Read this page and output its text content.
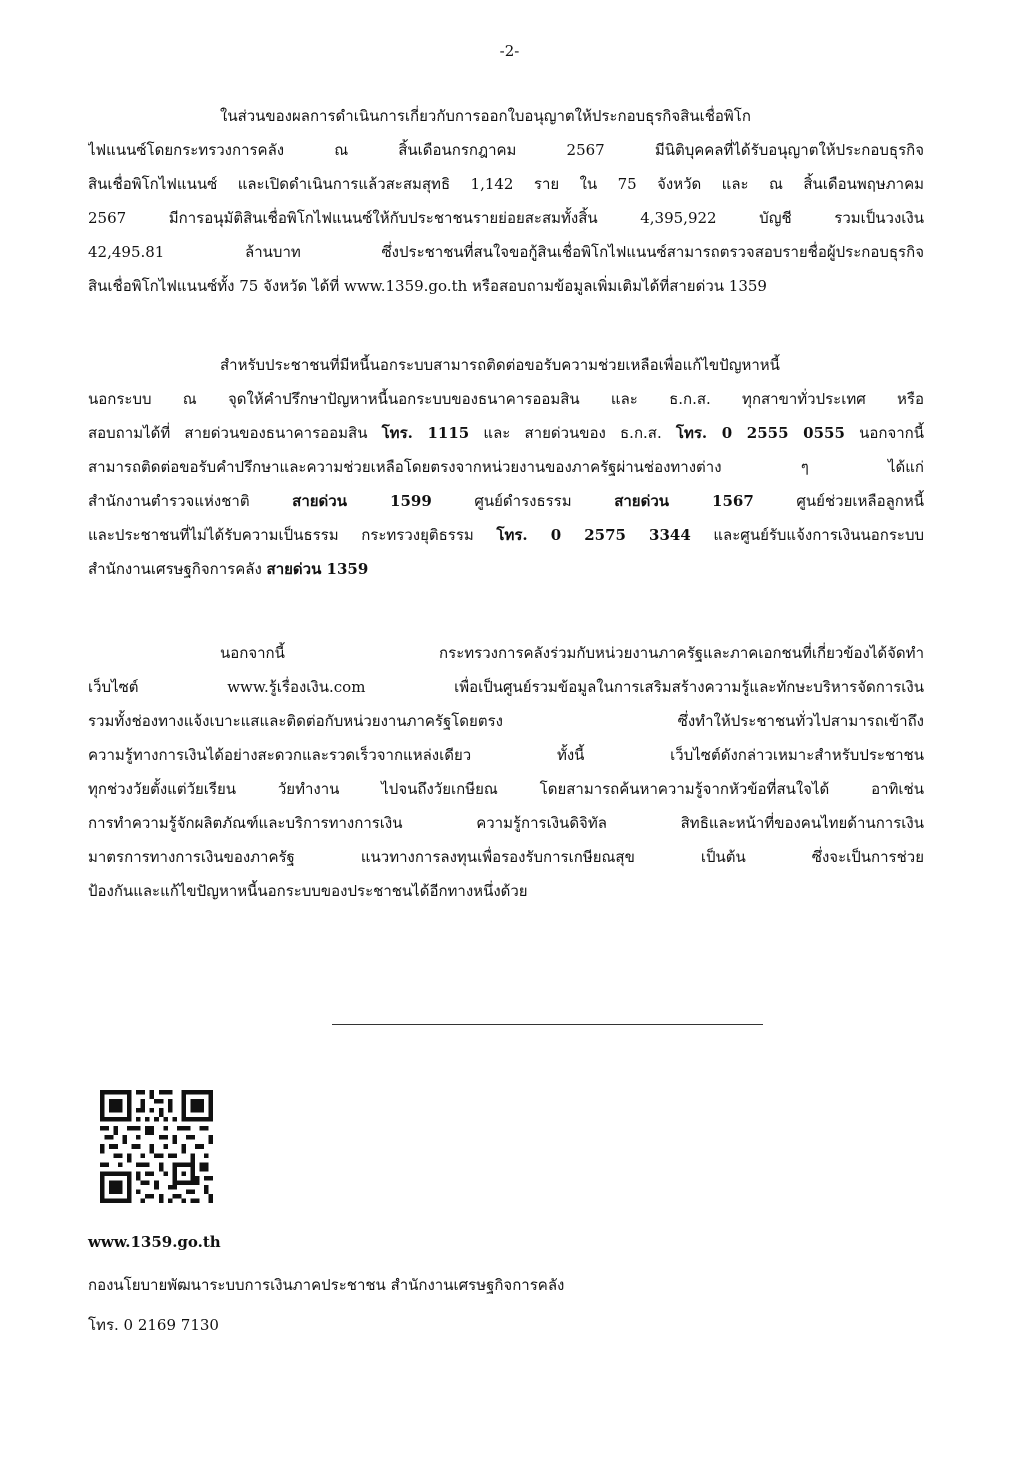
-2-
ในส่วนของผลการดำเนินการเกี่ยวกับการออกใบอนุญาตให้ประกอบธุรกิจสินเชื่อพิโก
ไฟแนนซ์โดยกระทรวงการคลัง ณ สิ้นเดือนกรกฎาคม 2567 มีนิติบุคคลที่ได้รับอนุญาตให้ประกอบธุรกิจ
สินเชื่อพิโกไฟแนนซ์ และเปิดดำเนินการแล้วสะสมสุทธิ 1,142 ราย ใน 75 จังหวัด และ ณ สิ้นเดือนพฤษภาคม
2567 มีการอนุมัติสินเชื่อพิโกไฟแนนซ์ให้กับประชาชนรายย่อยสะสมทั้งสิ้น 4,395,922 บัญชี รวมเป็นวงเงิน
42,495.81 ล้านบาท ซึ่งประชาชนที่สนใจขอกู้สินเชื่อพิโกไฟแนนซ์สามารถตรวจสอบรายชื่อผู้ประกอบธุรกิจ
สินเชื่อพิโกไฟแนนซ์ทั้ง 75 จังหวัด ได้ที่ www.1359.go.th หรือสอบถามข้อมูลเพิ่มเติมได้ที่สายด่วน 1359
สำหรับประชาชนที่มีหนี้นอกระบบสามารถติดต่อขอรับความช่วยเหลือเพื่อแก้ไขปัญหาหนี้
นอกระบบ ณ จุดให้คำปรึกษาปัญหาหนี้นอกระบบของธนาคารออมสิน และ ธ.ก.ส. ทุกสาขาทั่วประเทศ หรือ
สอบถามได้ที่ สายด่วนของธนาคารออมสิน โทร. 1115 และ สายด่วนของ ธ.ก.ส. โทร. 0 2555 0555 นอกจากนี้
สามารถติดต่อขอรับคำปรึกษาและความช่วยเหลือโดยตรงจากหน่วยงานของภาครัฐผ่านช่องทางต่าง ๆ ได้แก่
สำนักงานตำรวจแห่งชาติ สายด่วน 1599 ศูนย์ดำรงธรรม สายด่วน 1567 ศูนย์ช่วยเหลือลูกหนี้
และประชาชนที่ไม่ได้รับความเป็นธรรม กระทรวงยุติธรรม โทร. 0 2575 3344 และศูนย์รับแจ้งการเงินนอกระบบ
สำนักงานเศรษฐกิจการคลัง สายด่วน 1359
นอกจากนี้ กระทรวงการคลังร่วมกับหน่วยงานภาครัฐและภาคเอกชนที่เกี่ยวข้องได้จัดทำ
เว็บไซต์ www.รู้เรื่องเงิน.com เพื่อเป็นศูนย์รวมข้อมูลในการเสริมสร้างความรู้และทักษะบริหารจัดการเงิน
รวมทั้งช่องทางแจ้งเบาะแสและติดต่อกับหน่วยงานภาครัฐโดยตรง ซึ่งทำให้ประชาชนทั่วไปสามารถเข้าถึง
ความรู้ทางการเงินได้อย่างสะดวกและรวดเร็วจากแหล่งเดียว ทั้งนี้ เว็บไซต์ดังกล่าวเหมาะสำหรับประชาชน
ทุกช่วงวัยตั้งแต่วัยเรียน วัยทำงาน ไปจนถึงวัยเกษียณ โดยสามารถค้นหาความรู้จากหัวข้อที่สนใจได้ อาทิเช่น
การทำความรู้จักผลิตภัณฑ์และบริการทางการเงิน ความรู้การเงินดิจิทัล สิทธิและหน้าที่ของคนไทยด้านการเงิน
มาตรการทางการเงินของภาครัฐ แนวทางการลงทุนเพื่อรองรับการเกษียณสุข เป็นต้น ซึ่งจะเป็นการช่วย
ป้องกันและแก้ไขปัญหาหนี้นอกระบบของประชาชนได้อีกทางหนึ่งด้วย
www.1359.go.th
กองนโยบายพัฒนาระบบการเงินภาคประชาชน สำนักงานเศรษฐกิจการคลัง
โทร. 0 2169 7130
